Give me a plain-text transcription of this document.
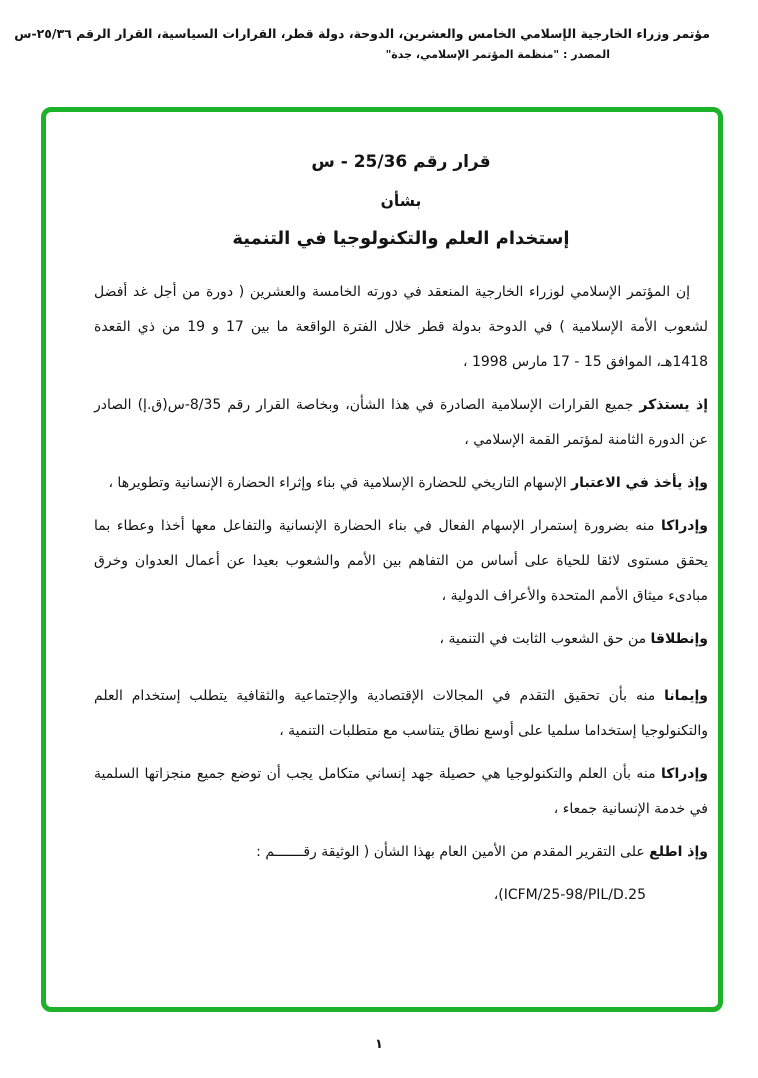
مؤتمر وزراء الخارجية الإسلامي الخامس والعشرين، الدوحة، دولة قطر، القرارات السياسية، القرار الرقم ٢٥/٣٦-س
المصدر : "منظمة المؤتمر الإسلامي، جدة"
قرار رقم 25/36 - س
بشأن
إستخدام العلم والتكنولوجيا في التنمية

إن المؤتمر الإسلامي لوزراء الخارجية المنعقد في دورته الخامسة والعشرين ( دورة من أجل غد أفضل لشعوب الأمة الإسلامية ) في الدوحة بدولة قطر خلال الفترة الواقعة ما بين 17 و 19 من ذي القعدة 1418هـ، الموافق 15 - 17 مارس 1998 ،

إذ يستذكر جميع القرارات الإسلامية الصادرة في هذا الشأن، وبخاصة القرار رقم 8/35-س(ق.إ) الصادر عن الدورة الثامنة لمؤتمر القمة الإسلامي ،

وإذ يأخذ في الاعتبار الإسهام التاريخي للحضارة الإسلامية في بناء وإثراء الحضارة الإنسانية وتطويرها ،

وإدراكا منه بضرورة إستمرار الإسهام الفعال في بناء الحضارة الإنسانية والتفاعل معها أخذا وعطاء بما يحقق مستوى لائقا للحياة على أساس من التفاهم بين الأمم والشعوب بعيدا عن أعمال العدوان وخرق مبادىء ميثاق الأمم المتحدة والأعراف الدولية ،

وإنطلاقا من حق الشعوب الثابت في التنمية ،

وإيمانا منه بأن تحقيق التقدم في المجالات الإقتصادية والإجتماعية والثقافية يتطلب إستخدام العلم والتكنولوجيا إستخداما سلميا على أوسع نطاق يتناسب مع متطلبات التنمية ،

وإدراكا منه بأن العلم والتكنولوجيا هي حصيلة جهد إنساني متكامل يجب أن توضع جميع منجزاتها السلمية في خدمة الإنسانية جمعاء ،

وإذ اطلع على التقرير المقدم من الأمين العام بهذا الشأن ( الوثيقة رقـــــــم :

ICFM/25-98/PIL/D.25)،
١
